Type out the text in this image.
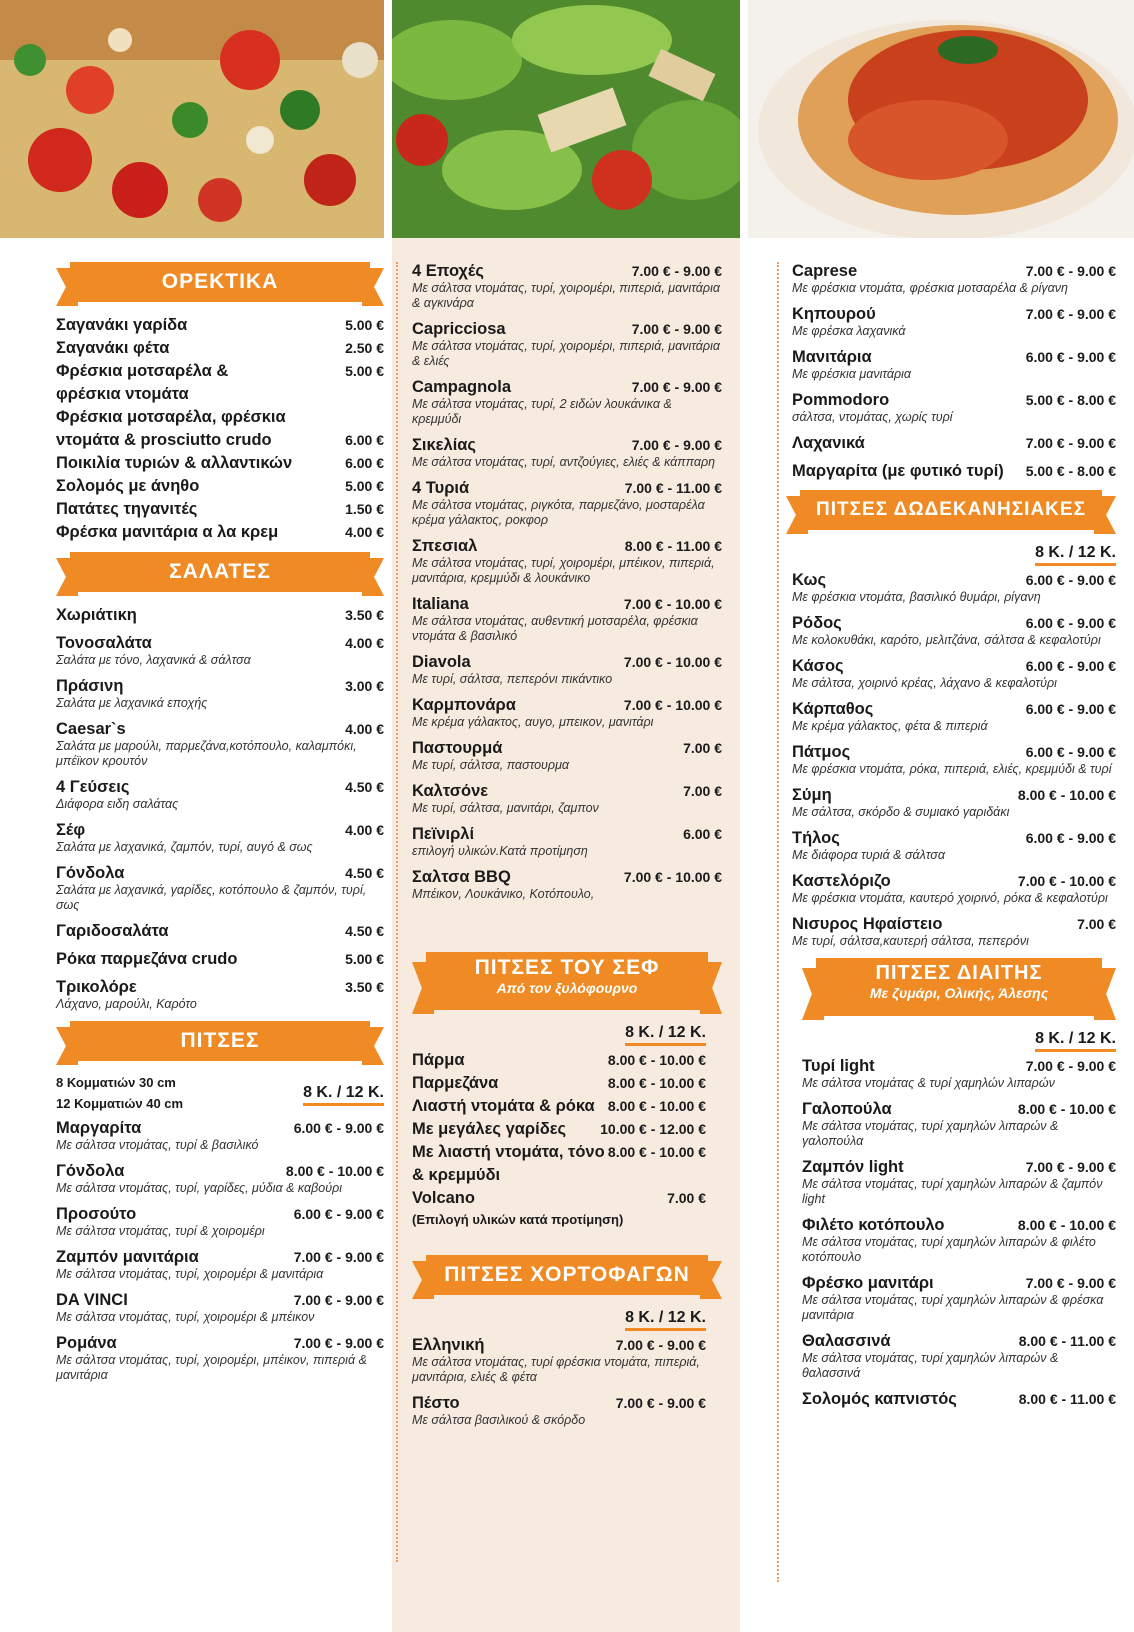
ΟΡΕΚΤΙΚΑ
Σαγανάκι γαρίδα	5.00 €
Σαγανάκι φέτα	2.50 €
Φρέσκια μοτσαρέλα &	5.00 €
φρέσκια ντομάτα
Φρέσκια μοτσαρέλα, φρέσκια
ντομάτα & prosciutto crudo	6.00 €
Ποικιλία τυριών & αλλαντικών	6.00 €
Σολομός με άνηθο	5.00 €
Πατάτες τηγανιτές	1.50 €
Φρέσκα μανιτάρια α λα κρεμ	4.00 €
ΣΑΛΑΤΕΣ
Χωριάτικη	3.50 €
Τονοσαλάτα	4.00 €
Σαλάτα με τόνο, λαχανικά & σάλτσα
Πράσινη	3.00 €
Σαλάτα με λαχανικά εποχής
Caesar`s	4.00 €
Σαλάτα με μαρούλι, παρμεζάνα,κοτόπουλο, καλαμπόκι, μπέϊκον κρουτόν
4 Γεύσεις	4.50 €
Διάφορα ειδη σαλάτας
Σέφ	4.00 €
Σαλάτα με λαχανικά, ζαμπόν, τυρί, αυγό & σως
Γόνδολα	4.50 €
Σαλάτα με λαχανικά, γαρίδες, κοτόπουλο & ζαμπόν, τυρί, σως
Γαριδοσαλάτα	4.50 €
Ρόκα παρμεζάνα crudo	5.00 €
Τρικολόρε	3.50 €
Λάχανο, μαρούλι, Καρότο
ΠΙΤΣΕΣ
8 Κομματιών 30 cm
12 Κομματιών 40 cm
8 Κ. / 12 Κ.
Μαργαρίτα	6.00 € - 9.00 €
Με σάλτσα ντομάτας, τυρί & βασιλικό
Γόνδολα	8.00 € - 10.00 €
Με σάλτσα ντομάτας, τυρί, γαρίδες, μύδια & καβούρι
Προσούτο	6.00 € - 9.00 €
Με σάλτσα ντομάτας, τυρί & χοιρομέρι
Ζαμπόν μανιτάρια	7.00 € - 9.00 €
Με σάλτσα ντομάτας, τυρί, χοιρομέρι & μανιτάρια
DA VINCI	7.00 € - 9.00 €
Με σάλτσα ντομάτας, τυρί, χοιρομέρι & μπέικον
Ρομάνα	7.00 € - 9.00 €
Με σάλτσα ντομάτας, τυρί, χοιρομέρι, μπέικον, πιπεριά & μανιτάρια
4 Εποχές	7.00 € - 9.00 €
Με σάλτσα ντομάτας, τυρί, χοιρομέρι, πιπεριά, μανιτάρια & αγκινάρα
Capricciosa	7.00 € - 9.00 €
Με σάλτσα ντομάτας, τυρί, χοιρομέρι, πιπεριά, μανιτάρια & ελιές
Campagnola	7.00 € - 9.00 €
Με σάλτσα ντομάτας, τυρί, 2 ειδών λουκάνικα & κρεμμύδι
Σικελίας	7.00 € - 9.00 €
Με σάλτσα ντομάτας, τυρί, αντζούγιες, ελιές & κάππαρη
4 Τυριά	7.00 € - 11.00 €
Με σάλτσα ντομάτας, ριγκότα, παρμεζάνο, μοσταρέλα κρέμα γάλακτος, ροκφορ
Σπεσιαλ	8.00 € - 11.00 €
Με σάλτσα ντομάτας, τυρί, χοιρομέρι, μπέικον, πιπεριά, μανιτάρια, κρεμμύδι & λουκάνικο
Italiana	7.00 € - 10.00 €
Με σάλτσα ντομάτας, αυθεντική μοτσαρέλα, φρέσκια ντομάτα & βασιλικό
Diavola	7.00 € - 10.00 €
Με τυρί, σάλτσα, πεπερόνι πικάντικο
Καρμπονάρα	7.00 € - 10.00 €
Με κρέμα γάλακτος, αυγο, μπεικον, μανιτάρι
Παστουρμά	7.00 €
Με τυρί, σάλτσα, παστουρμα
Καλτσόνε	7.00 €
Με τυρί, σάλτσα, μανιτάρι, ζαμπον
Πεϊνιρλί	6.00 €
επιλογή υλικών.Κατά προτίμηση
Σαλτσα BBQ	7.00 € - 10.00 €
Μπέικον, Λουκάνικο, Κοτόπουλο,
ΠΙΤΣΕΣ ΤΟΥ ΣΕΦ
Από τον ξυλόφουρνο
8 Κ. / 12 Κ.
Πάρμα	8.00 € - 10.00 €
Παρμεζάνα	8.00 € - 10.00 €
Λιαστή ντομάτα & ρόκα 8.00 € - 10.00 €
Με μεγάλες γαρίδες 10.00 € - 12.00 €
Με λιαστή ντομάτα, τόνο 8.00 € - 10.00 €
& κρεμμύδι
Volcano	7.00 €
(Επιλογή υλικών κατά προτίμηση)
ΠΙΤΣΕΣ ΧΟΡΤΟΦΑΓΩΝ
8 Κ. / 12 Κ.
Ελληνική	7.00 € - 9.00 €
Με σάλτσα ντομάτας, τυρί φρέσκια ντομάτα, πιπεριά, μανιτάρια, ελιές & φέτα
Πέστο	7.00 € - 9.00 €
Με σάλτσα βασιλικού & σκόρδο
Caprese	7.00 € - 9.00 €
Με φρέσκια ντομάτα, φρέσκια μοτσαρέλα & ρίγανη
Κηπουρού	7.00 € - 9.00 €
Με φρέσκα λαχανικά
Μανιτάρια	6.00 € - 9.00 €
Με φρέσκια μανιτάρια
Pommodoro	5.00 € - 8.00 €
σάλτσα, ντομάτας, χωρίς τυρί
Λαχανικά	7.00 € - 9.00 €
Μαργαρίτα (με φυτικό τυρί) 5.00 € - 8.00 €
ΠΙΤΣΕΣ ΔΩΔΕΚΑΝΗΣΙΑΚΕΣ
8 Κ. / 12 Κ.
Κως	6.00 € - 9.00 €
Με φρέσκια ντομάτα, βασιλικό θυμάρι, ρίγανη
Ρόδος	6.00 € - 9.00 €
Με κολοκυθάκι, καρότο, μελιτζάνα, σάλτσα & κεφαλοτύρι
Κάσος	6.00 € - 9.00 €
Με σάλτσα, χοιρινό κρέας, λάχανο & κεφαλοτύρι
Κάρπαθος	6.00 € - 9.00 €
Με κρέμα γάλακτος, φέτα & πιπεριά
Πάτμος	6.00 € - 9.00 €
Με φρέσκια ντομάτα, ρόκα, πιπεριά, ελιές, κρεμμύδι & τυρί
Σύμη	8.00 € - 10.00 €
Με σάλτσα, σκόρδο & συμιακό γαριδάκι
Τήλος	6.00 € - 9.00 €
Με διάφορα τυριά & σάλτσα
Καστελόριζο	7.00 € - 10.00 €
Με φρέσκια ντομάτα, καυτερό χοιρινό, ρόκα & κεφαλοτύρι
Νισυρος Ηφαίστειο	7.00 €
Με τυρί, σάλτσα,καυτερή σάλτσα, πεπερόνι
ΠΙΤΣΕΣ ΔΙΑΙΤΗΣ
Με ζυμάρι, Ολικής, Άλεσης
8 Κ. / 12 Κ.
Τυρί light	7.00 € - 9.00 €
Με σάλτσα ντομάτας & τυρί χαμηλών λιπαρών
Γαλοπούλα	8.00 € - 10.00 €
Με σάλτσα ντομάτας, τυρί χαμηλών λιπαρών & γαλοπούλα
Ζαμπόν light	7.00 € - 9.00 €
Με σάλτσα ντομάτας, τυρί χαμηλών λιπαρών & ζαμπόν light
Φιλέτο κοτόπουλο	8.00 € - 10.00 €
Με σάλτσα ντομάτας, τυρί χαμηλών λιπαρών & φιλέτο κοτόπουλο
Φρέσκο μανιτάρι	7.00 € - 9.00 €
Με σάλτσα ντομάτας, τυρί χαμηλών λιπαρών & φρέσκα μανιτάρια
Θαλασσινά	8.00 € - 11.00 €
Με σάλτσα ντομάτας, τυρί χαμηλών λιπαρών & θαλασσινά
Σολομός καπνιστός	8.00 € - 11.00 €
